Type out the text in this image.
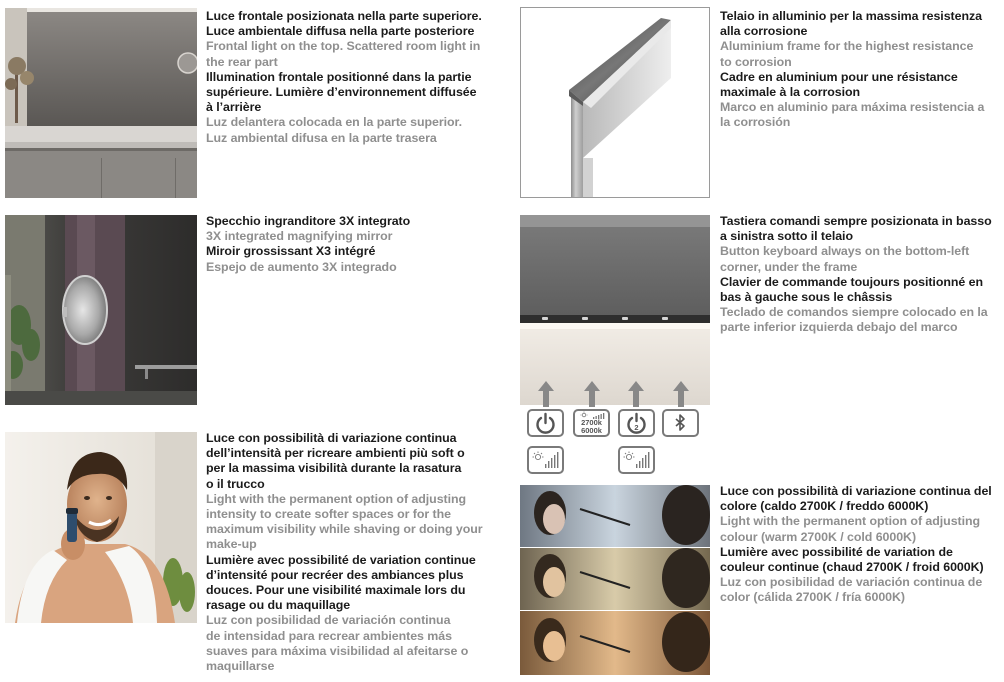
Luce frontale posizionata nella parte superiore.
Luce ambientale diffusa nella parte posteriore
Frontal light on the top. Scattered room light in
the rear part
Illumination frontale positionné dans la partie
supérieure. Lumière d’environnement diffusée
à l’arrière
Luz delantera colocada en la parte superior.
Luz ambiental difusa en la parte trasera
Telaio in alluminio per la massima resistenza
alla corrosione
Aluminium frame for the highest resistance
to corrosion
Cadre en aluminium pour une résistance
maximale à la corrosion
Marco en aluminio para máxima resistencia a
la corrosión
Specchio ingranditore 3X integrato
3X integrated magnifying mirror
Miroir grossissant X3 intégré
Espejo de aumento 3X integrado
2700k
6000k	2
Tastiera comandi sempre posizionata in basso
a sinistra sotto il telaio
Button keyboard always on the bottom-left
corner, under the frame
Clavier de commande toujours positionné en
bas à gauche sous le châssis
Teclado de comandos siempre colocado en la
parte inferior izquierda debajo del marco
Luce con possibilità di variazione continua
dell’intensità per ricreare ambienti più soft o
per la massima visibilità durante la rasatura
o il trucco
Light with the permanent option of adjusting
intensity to create softer spaces or for the
maximum visibility while shaving or doing your
make-up
Lumière avec possibilité de variation continue
d’intensité pour recréer des ambiances plus
douces. Pour une visibilité maximale lors du
rasage ou du maquillage
Luz con posibilidad de variación continua
de intensidad para recrear ambientes más
suaves para máxima visibilidad al afeitarse o
maquillarse
Luce con possibilità di variazione continua del
colore (caldo 2700K / freddo 6000K)
Light with the permanent option of adjusting
colour (warm 2700K / cold 6000K)
Lumière avec possibilité de variation de
couleur continue (chaud 2700K / froid 6000K)
Luz con posibilidad de variación continua de
color (cálida 2700K / fría 6000K)
